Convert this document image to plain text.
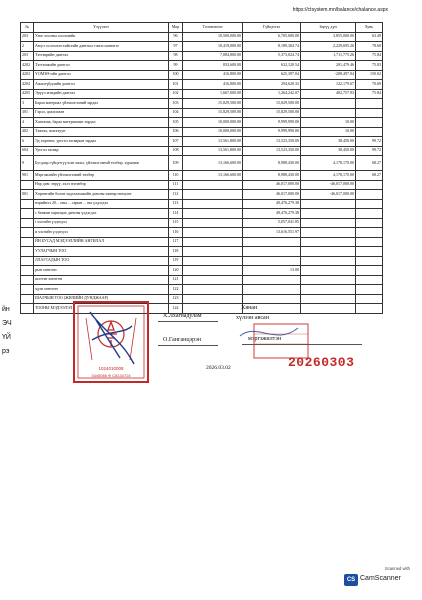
https://ctsystem.mn/balance/chalance.aspx
№	Үзүүлэлт	Мөр	Төлөвлөгөө	Гүйцэтгэл	Зөрүү дүн	Хувь
203	Улиг хоолны хоолозийк	96	10,500,000.00	6,705,000.00	3,855,000.00	63.49
2	Аюул осолчлон хийгээйн давтгыл тэмээ шинчтэг	97	10,419,000.00	8,189,304.74	2,229,695.26	78.60
203	Тэтгэврийн даатгал	98	7,084,800.00	5,373,024.74	1,711,775.26	75.84
4202	Тэтгэмжийн даатгал	99	833,600.00	632,120.54	201,479.46	75.83
4203	ҮОМЗӨ-ийн даатгал	100	416,800.00	625,397.04	-208,497.04	150.02
4204	Ажилгүйдлийн даатгал	101	416,800.00	294,620.33	122,179.67	70.69
4205	Эрүүл мэндийн даатгал	102	1,667,000.00	1,264,242.07	402,757.93	75.84
3	Бараа материал үйлчилгээний зардал	103	15,829,500.00	15,829,500.00		
301	Гэрэл, цахилгаан	104	15,829,500.00	15,829,500.00		
4	Хангамж, бараа материалын зардал	105	10,000,000.00	9,999,990.00	10.00	
402	Тэжээл, шатахуун	106	10,000,000.00	9,999,990.00	10.00	
6	Эд хөрөнгө, урсгал засварын зардал	107	13,561,800.00	13,523,350.00	38,450.00	99.72
604	Урсгал засвар	108	13,561,800.00	13,523,350.00	38,450.00	99.72
9	Бусдаар гүйцэтгүүлсэн ажил, үйлчилгээний төлбөр, хураамж	109	13,166,600.00	8,988,430.00	4,178,170.00	68.27
901	Мэргэжлийн үйлчилгээний төлбөр	110	13,166,600.00	8,988,430.00	4,178,170.00	68.27
	Нэр дэвс зөрүү, эхлэ нэгэвбэр	111		46,017,000.00	-46,017,000.00	
001	Хөрөнгийн болон хадгаламжийн дансны шинэр нөөцлөт	112		46,017,000.00	-46,017,000.00	
	нэрийнхэ 20... оны ... сарын ... ны үлдэгдэл	113		49,476,279.38		
	с банкин харилцах дансны үлдэгдэл	114		49,476,279.38		
	і хэсгийн үлдэгдэл	115		5,057,041.85		
	и хэсгийн үлдэгдэл	116		13,616,551.97		
	ЙН БУСАД МЭДЭЭЛЛИЙН АНГИЛАЛ	117				
	УУЛАГЧЫН ТОО	118				
	ЛЛАГСАДЫН ТОО	119				
	рын хөнтгөн	120		13.00		
	шлтгэн хөнтгөн	121				
	чдэн хөнтгөн	122				
	ШАЛЧЫН ТОО (ЖИЛИЙН ДУНДЖААР)	123				
	ТООНЫ МЭДЭЭЛЭЛ	124				
йн
ЭЧ
ҮЙ
рэ
1024010008
3445086 Ф C8134724
Х.Лхагвадулам
Хянан
хүлээн авсан
О.Ганганцэрэн	мэргэжилтэн
20260303
2026.03.02
Scanned with
CS CamScanner
